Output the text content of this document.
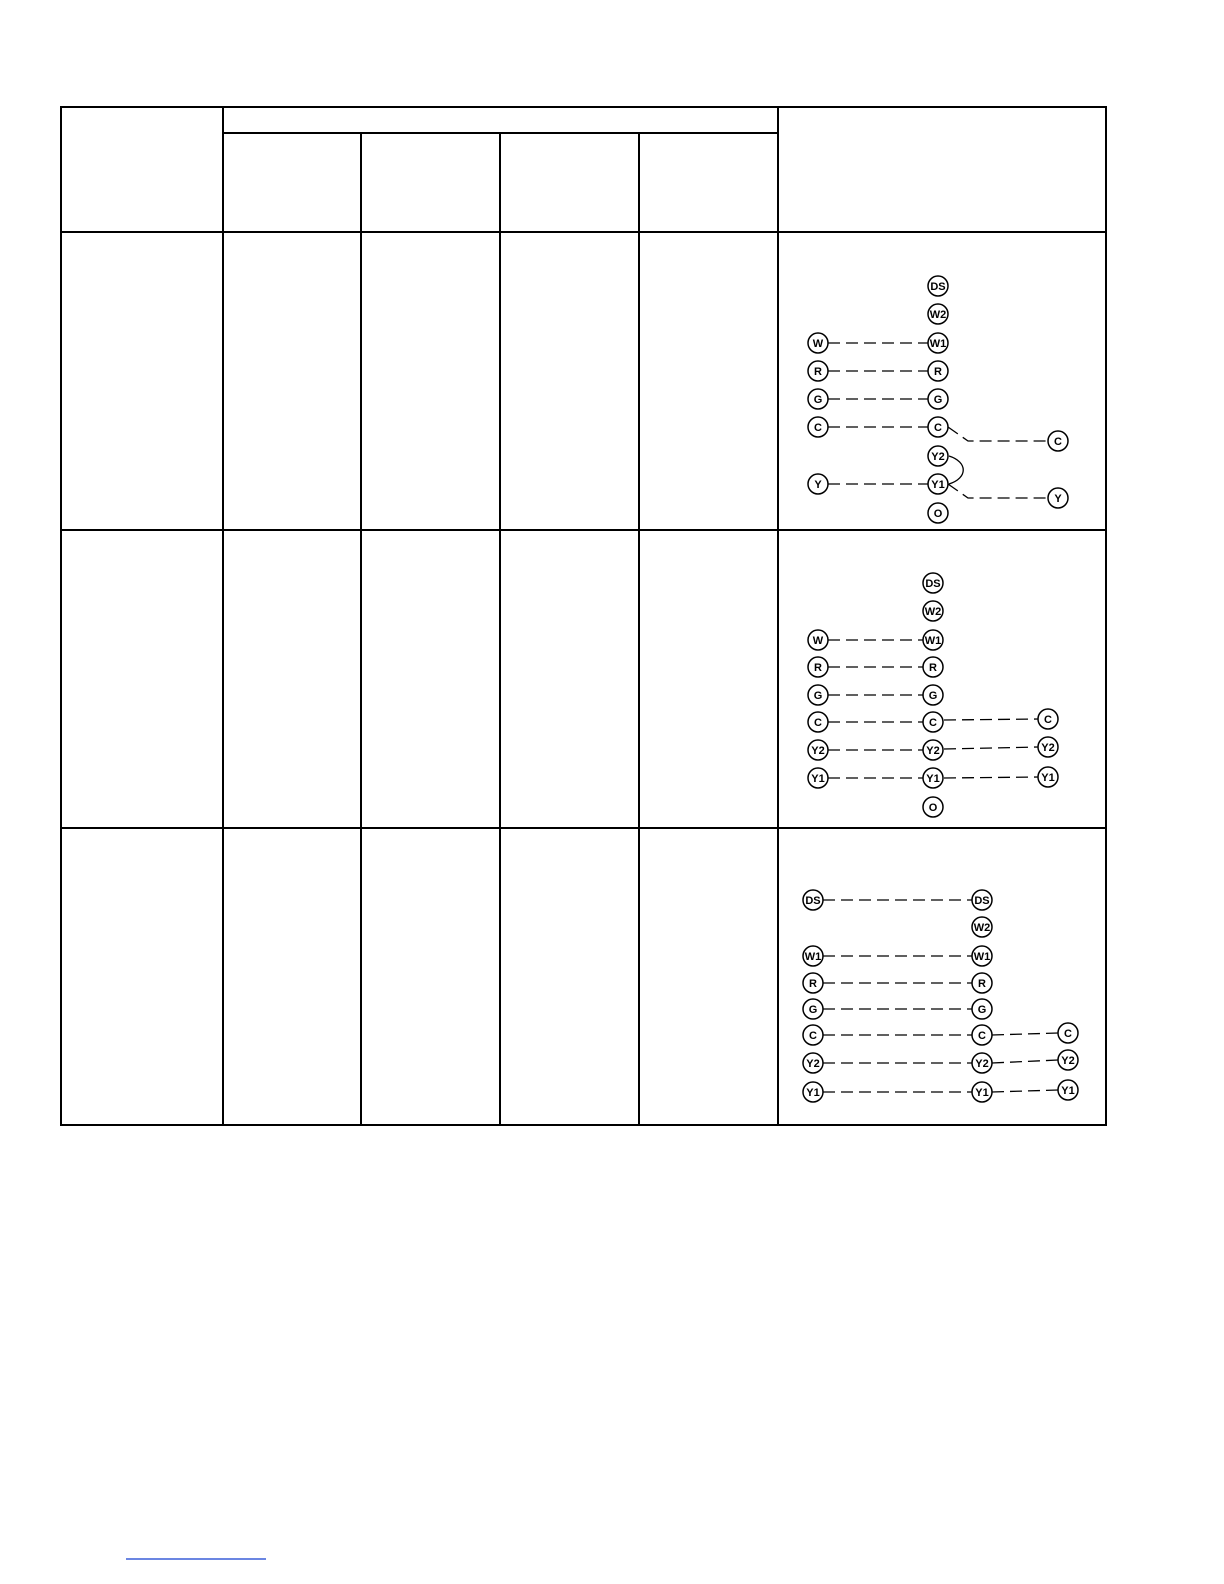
DS
W2
W1
R
G
C
Y2
Y1
O
W
R
G
C
Y
C
Y
DS
W2
W1
R
G
C
Y2
Y1
O
W
R
G
C
Y2
Y1
C
Y2
Y1
DS
W2
W1
R
G
C
Y2
Y1
DS
W1
R
G
C
Y2
Y1
C
Y2
Y1
